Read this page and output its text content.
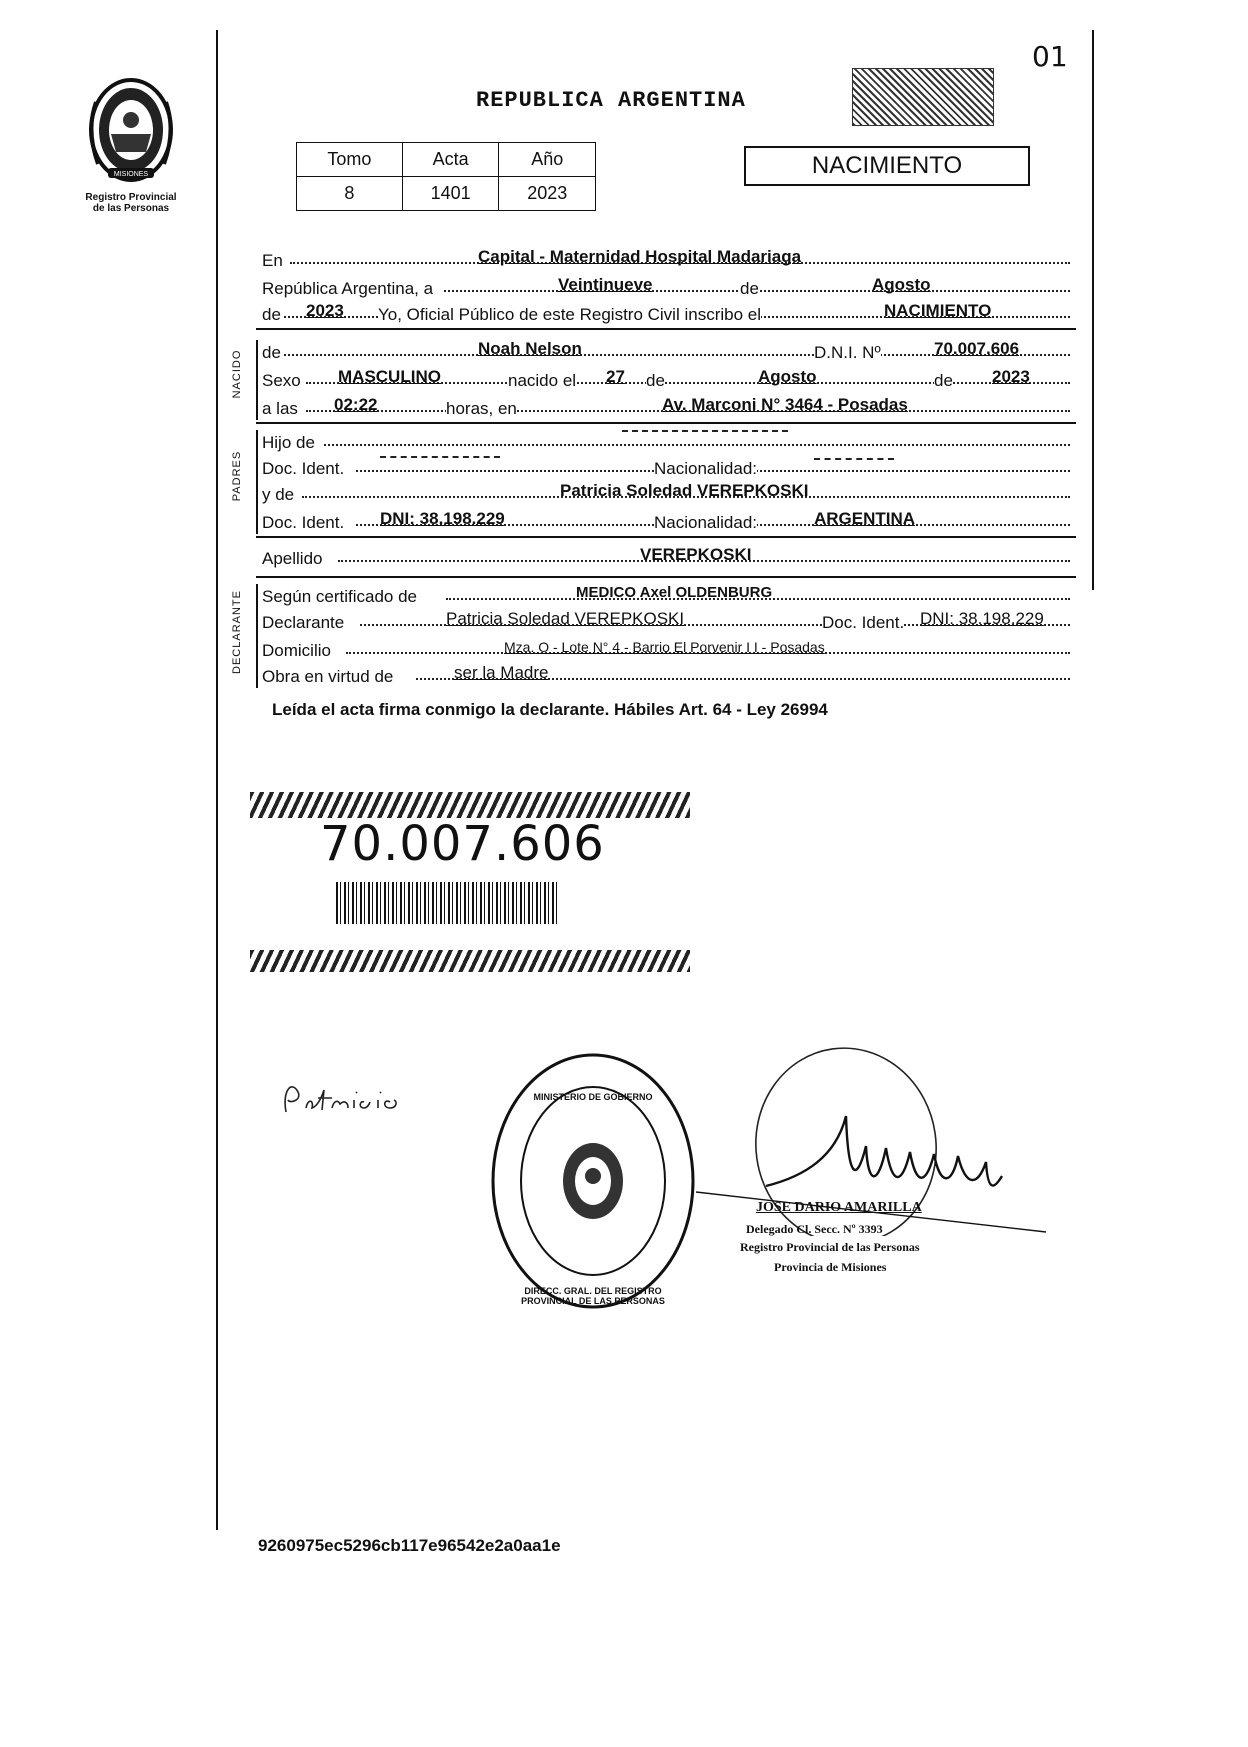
MISIONES
Registro Provincial
de las Personas
01
REPUBLICA ARGENTINA
Tomo	Acta	Año
8	1401	2023
NACIMIENTO
En	Capital - Maternidad Hospital Madariaga
República Argentina, a	Veintinueve	de	Agosto
de 2023 Yo, Oficial Público de este Registro Civil inscribo el	NACIMIENTO
NACIDO de	Noah Nelson	D.N.I. Nº	70.007.606
Sexo MASCULINO	nacido el 27 de	Agosto	de 2023
a las 02:22	horas, en	Av. Marconi N° 3464 - Posadas
PADRES
Hijo de
Doc. Ident.	Nacionalidad:
y de	Patricia Soledad VEREPKOSKI
Doc. Ident. DNI: 38.198.229	Nacionalidad:	ARGENTINA
Apellido	VEREPKOSKI
DECLARANTE Según certificado de	MEDICO Axel OLDENBURG
Declarante	Patricia Soledad VEREPKOSKI	Doc. Ident. DNI: 38.198.229
Domicilio	Mza. O - Lote N° 4 - Barrio El Porvenir I I - Posadas
Obra en virtud de	ser la Madre
Leída el acta firma conmigo la declarante. Hábiles Art. 64 - Ley 26994
70.007.606
DIRECC. GRAL. DEL REGISTRO PROVINCIAL DE LAS PERSONAS
MINISTERIO DE GOBIERNO
JOSE DARIO AMARILLA
Delegado Cl. Secc. Nº 3393
Registro Provincial de las Personas
Provincia de Misiones
9260975ec5296cb117e96542e2a0aa1e
